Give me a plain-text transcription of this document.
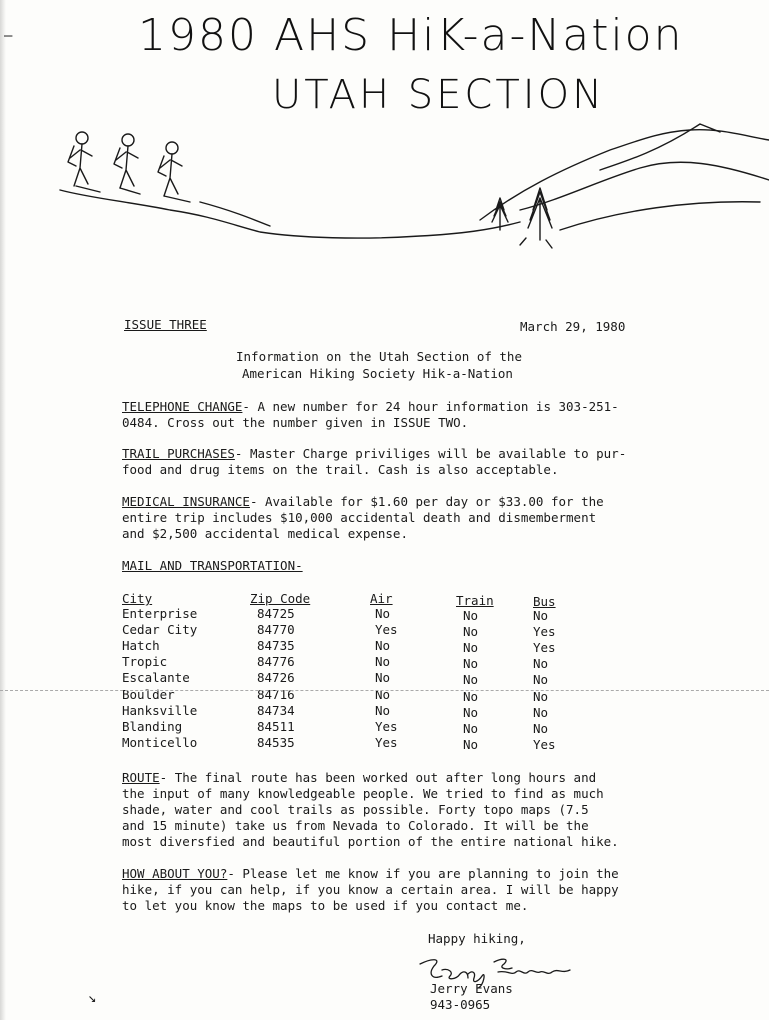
1980 AHS HiK-a-Nation
UTAH SECTION
ISSUE THREE	March 29, 1980
Information on the Utah Section of the
American Hiking Society Hik-a-Nation
TELEPHONE CHANGE- A new number for 24 hour information is 303-251-
0484. Cross out the number given in ISSUE TWO.
TRAIL PURCHASES- Master Charge priviliges will be available to pur-
food and drug items on the trail. Cash is also acceptable.
MEDICAL INSURANCE- Available for $1.60 per day or $33.00 for the
entire trip includes $10,000 accidental death and dismemberment
and $2,500 accidental medical expense.
MAIL AND TRANSPORTATION-
City	Zip Code	Air	Train	Bus
Enterprise	84725	No	No	No
Cedar City	84770	Yes	No	Yes
Hatch	84735	No	No	Yes
Tropic	84776	No	No	No
Escalante	84726	No	No	No
Boulder	84716	No	No	No
Hanksville	84734	No	No	No
Blanding	84511	Yes	No	No
Monticello	84535	Yes	No	Yes
ROUTE- The final route has been worked out after long hours and
the input of many knowledgeable people. We tried to find as much
shade, water and cool trails as possible. Forty topo maps (7.5
and 15 minute) take us from Nevada to Colorado. It will be the
most diversfied and beautiful portion of the entire national hike.
HOW ABOUT YOU?- Please let me know if you are planning to join the
hike, if you can help, if you know a certain area. I will be happy
to let you know the maps to be used if you contact me.
Happy hiking,
Jerry Evans
943-0965
–
↘
